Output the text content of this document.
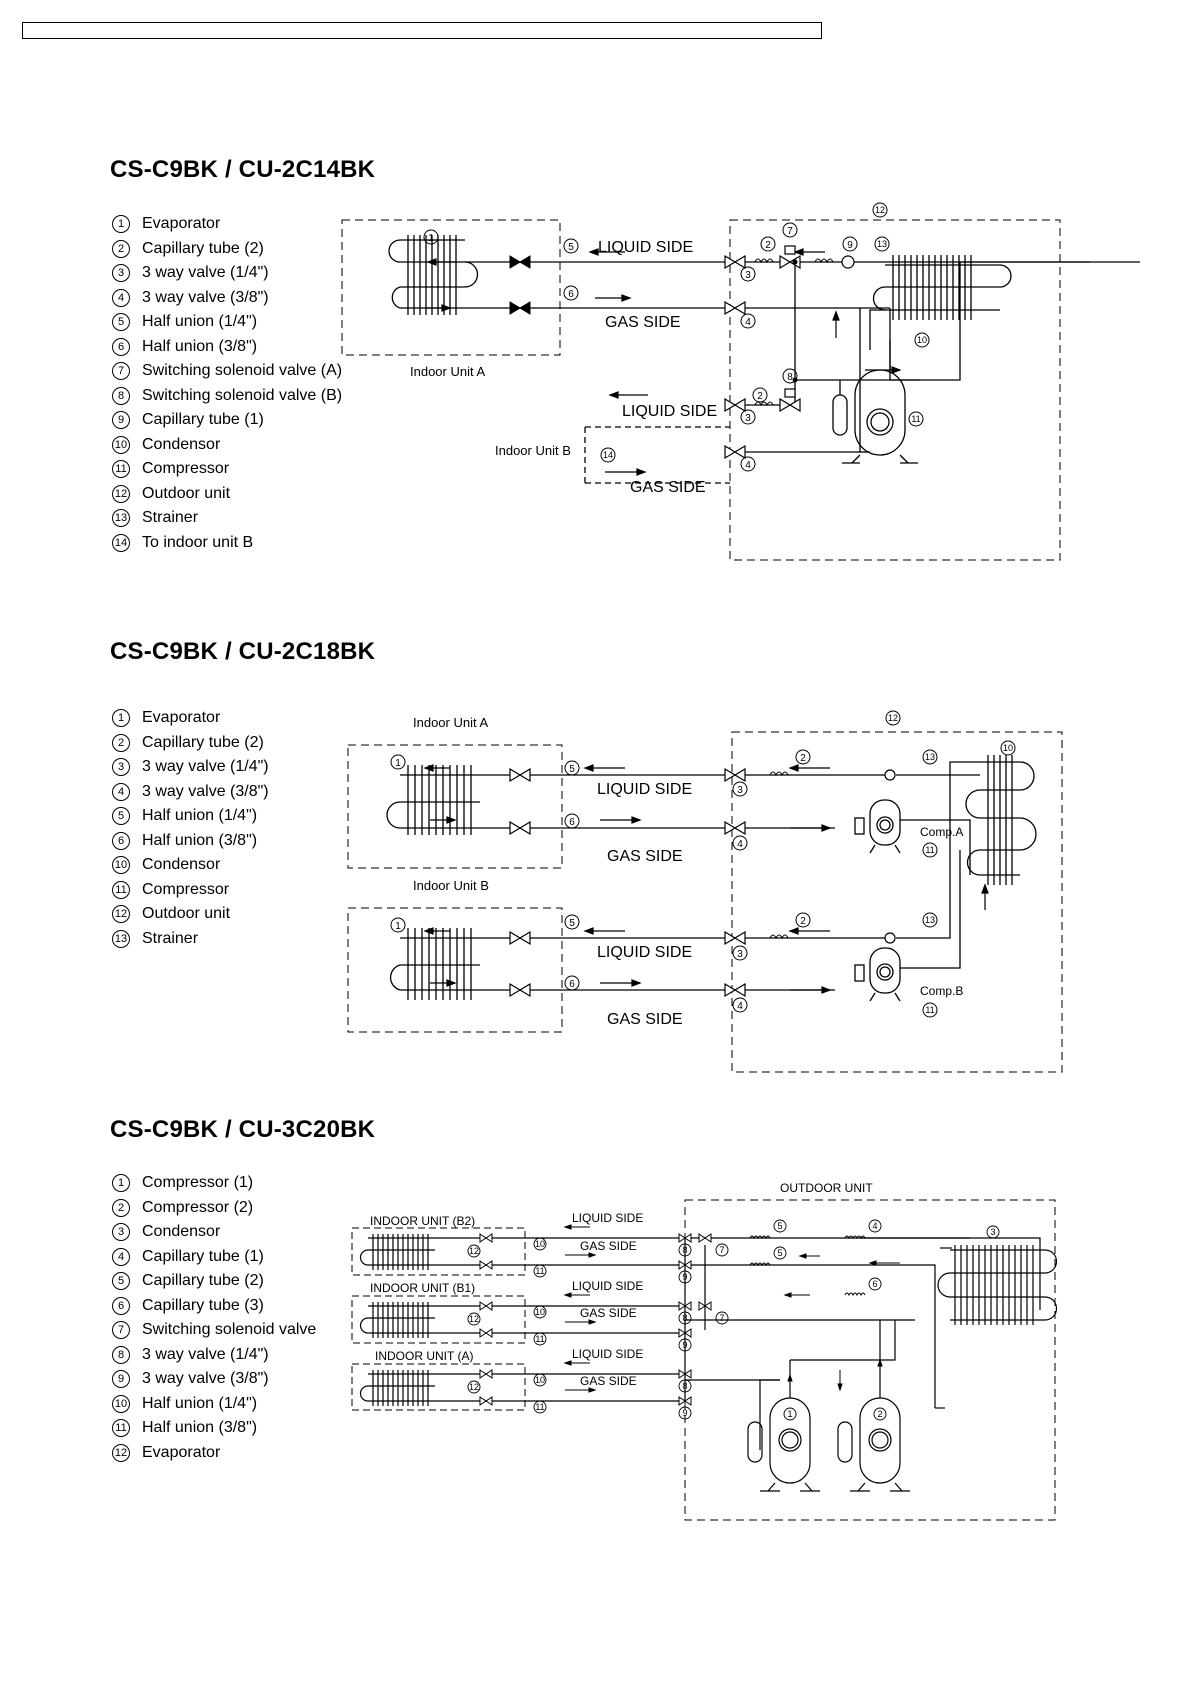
CS-C9BK / CU-2C14BK
1	Evaporator
2	Capillary tube (2)
3	3 way valve (1/4")
4	3 way valve (3/8")
5	Half union (1/4")
6	Half union (3/8")
7	Switching solenoid valve (A)
8	Switching solenoid valve (B)
9	Capillary tube (1)
10 Condensor
11 Compressor
12 Outdoor unit
13 Strainer
14 To indoor unit B
LIQUID SIDE
GAS SIDE
LIQUID SIDE
GAS SIDE
Indoor Unit A
Indoor Unit B
1
5
6
3
4
3
4
2
7
9	13
12
2
8
10
11
14
CS-C9BK / CU-2C18BK
1	Evaporator
2	Capillary tube (2)
3	3 way valve (1/4")
4	3 way valve (3/8")
5	Half union (1/4")
6	Half union (3/8")
10 Condensor
11 Compressor
12 Outdoor unit
13 Strainer
LIQUID SIDE
GAS SIDE
LIQUID SIDE
GAS SIDE
Indoor Unit A
Indoor Unit B
Comp.A
Comp.B
1
5
6
3
4
3
4
2	13
10
12
11
1	5
6
2	13
11
CS-C9BK / CU-3C20BK
1	Compressor (1)
2	Compressor (2)
3	Condensor
4	Capillary tube (1)
5	Capillary tube (2)
6	Capillary tube (3)
7	Switching solenoid valve
8	3 way valve (1/4")
9	3 way valve (3/8")
10 Half union (1/4")
11 Half union (3/8")
12 Evaporator
OUTDOOR UNIT
INDOOR UNIT (B2)
INDOOR UNIT (B1)
INDOOR UNIT (A)
LIQUID SIDE
GAS SIDE
LIQUID SIDE
GAS SIDE
LIQUID SIDE
GAS SIDE
12
10
11
12
10
11
12
10
11
8
9
8
9
8
9
7
7
5
5
4
6
3
1	2
